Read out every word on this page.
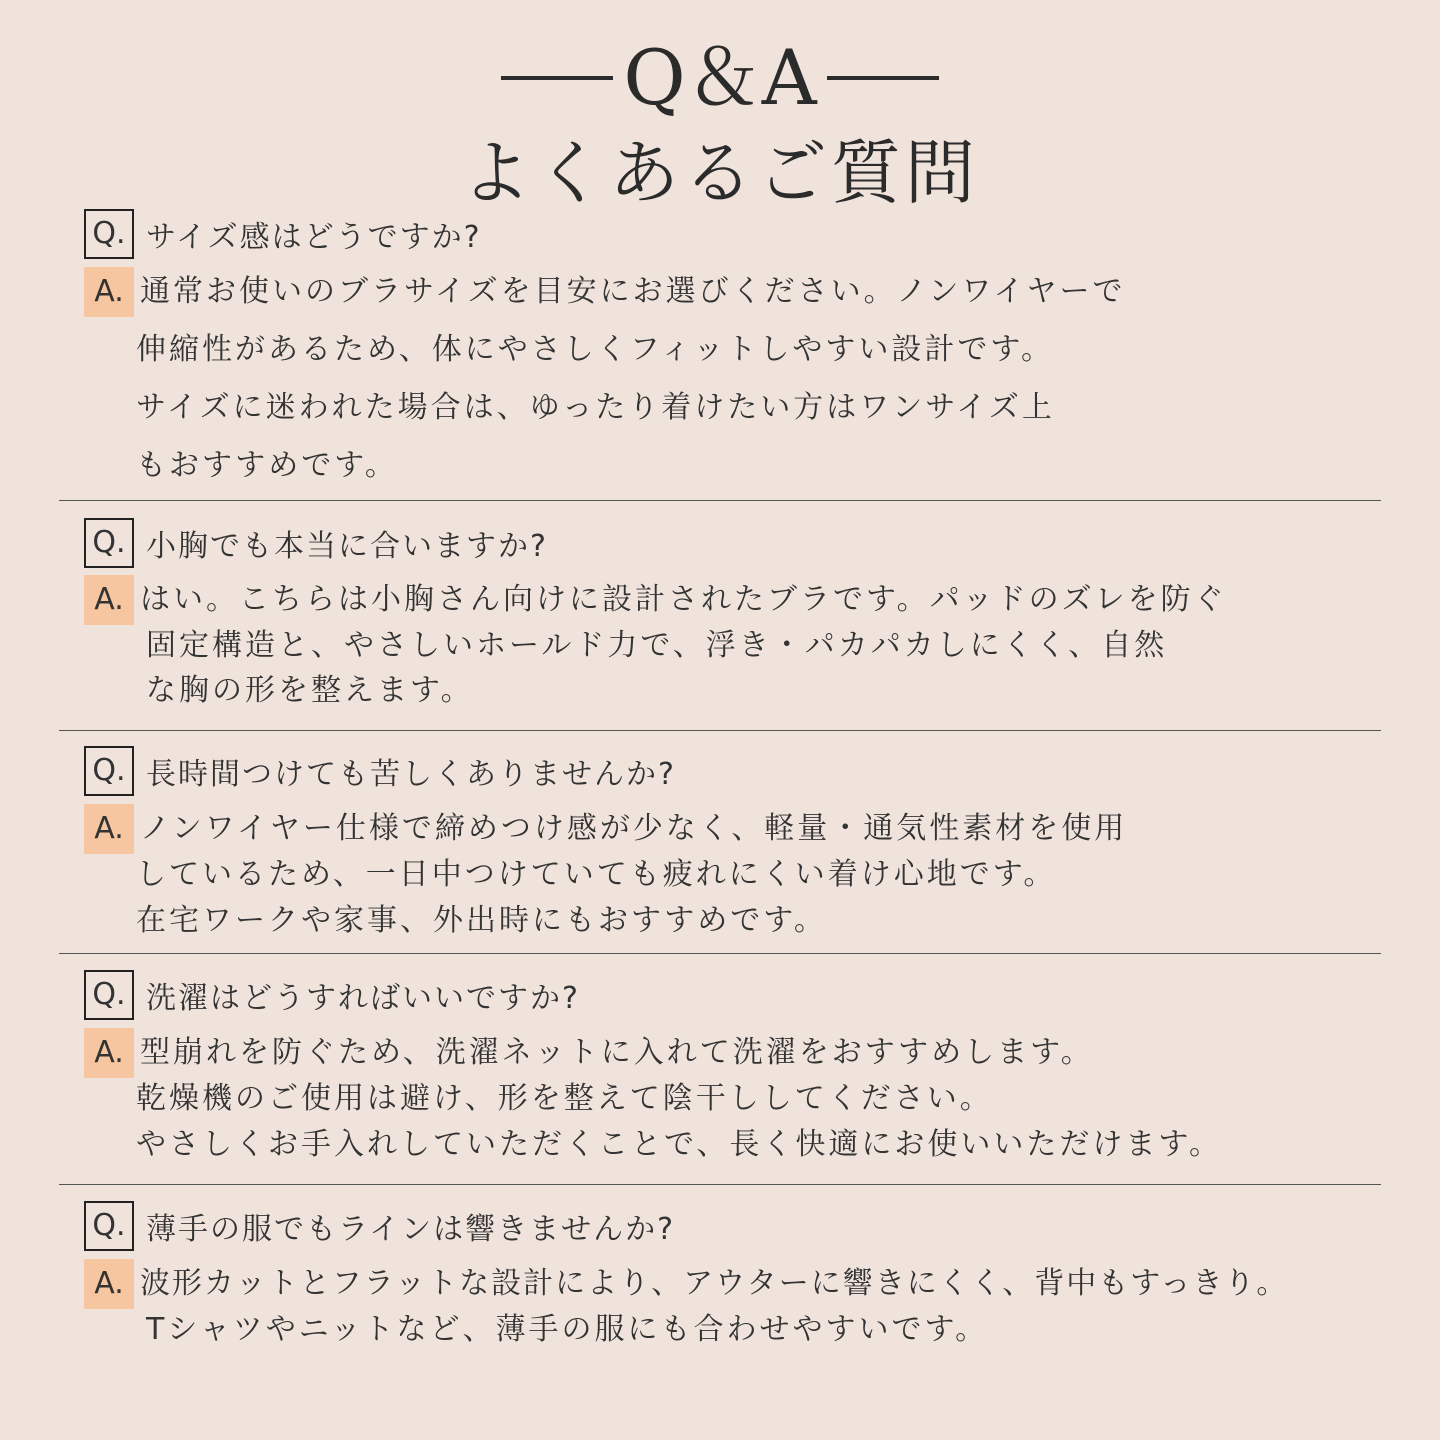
Q＆A
よくあるご質問
Q. サイズ感はどうですか?
A. 通常お使いのブラサイズを目安にお選びください。ノンワイヤーで
伸縮性があるため、体にやさしくフィットしやすい設計です。
サイズに迷われた場合は、ゆったり着けたい方はワンサイズ上
もおすすめです。
Q. 小胸でも本当に合いますか?
A. はい。こちらは小胸さん向けに設計されたブラです。パッドのズレを防ぐ
固定構造と、やさしいホールド力で、浮き・パカパカしにくく、自然
な胸の形を整えます。
Q. 長時間つけても苦しくありませんか?
A. ノンワイヤー仕様で締めつけ感が少なく、軽量・通気性素材を使用
しているため、一日中つけていても疲れにくい着け心地です。
在宅ワークや家事、外出時にもおすすめです。
Q. 洗濯はどうすればいいですか?
A. 型崩れを防ぐため、洗濯ネットに入れて洗濯をおすすめします。
乾燥機のご使用は避け、形を整えて陰干ししてください。
やさしくお手入れしていただくことで、長く快適にお使いいただけます。
Q. 薄手の服でもラインは響きませんか?
A. 波形カットとフラットな設計により、アウターに響きにくく、背中もすっきり。
Tシャツやニットなど、薄手の服にも合わせやすいです。
